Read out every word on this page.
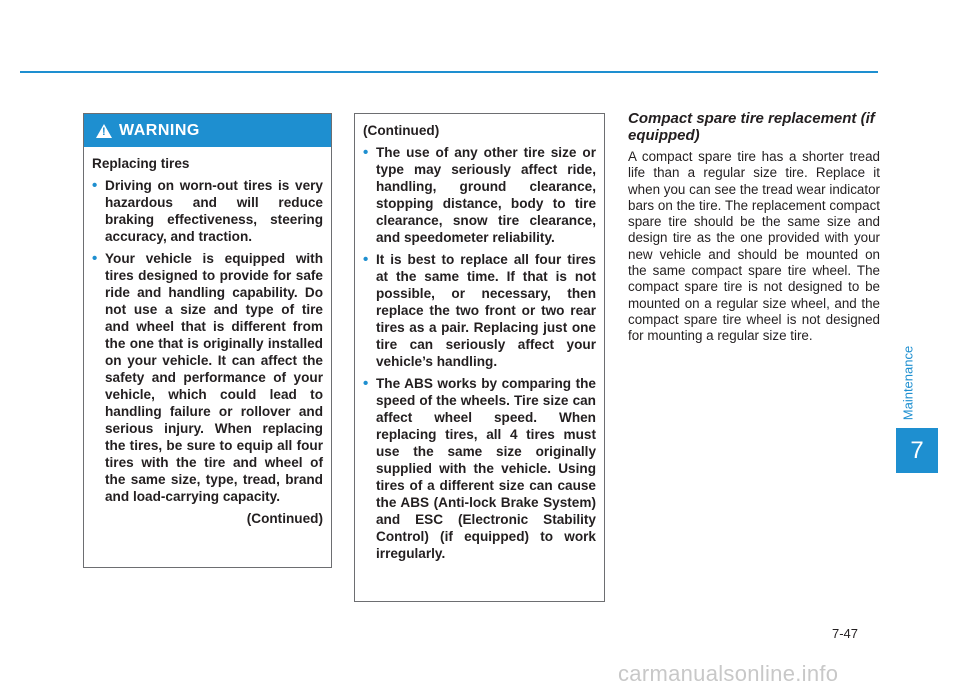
! WARNING

Replacing tires

• Driving on worn-out tires is very hazardous and will reduce braking effectiveness, steering accuracy, and traction.
• Your vehicle is equipped with tires designed to provide for safe ride and handling capability. Do not use a size and type of tire and wheel that is different from the one that is originally installed on your vehicle. It can affect the safety and performance of your vehicle, which could lead to handling failure or rollover and serious injury. When replacing the tires, be sure to equip all four tires with the tire and wheel of the same size, type, tread, brand and load-carrying capacity.
(Continued)

(Continued)

• The use of any other tire size or type may seriously affect ride, handling, ground clearance, stopping distance, body to tire clearance, snow tire clearance, and speedometer reliability.
• It is best to replace all four tires at the same time. If that is not possible, or necessary, then replace the two front or two rear tires as a pair. Replacing just one tire can seriously affect your vehicle’s handling.
• The ABS works by comparing the speed of the wheels. Tire size can affect wheel speed. When replacing tires, all 4 tires must use the same size originally supplied with the vehicle. Using tires of a different size can cause the ABS (Anti-lock Brake System) and ESC (Electronic Stability Control) (if equipped) to work irregularly.
Compact spare tire replacement (if equipped)
A compact spare tire has a shorter tread life than a regular size tire. Replace it when you can see the tread wear indicator bars on the tire. The replacement compact spare tire should be the same size and design tire as the one provided with your new vehicle and should be mounted on the same compact spare tire wheel. The compact spare tire is not designed to be mounted on a regular size wheel, and the compact spare tire wheel is not designed for mounting a regular size tire.
Maintenance
7
7-47
carmanualsonline.info
